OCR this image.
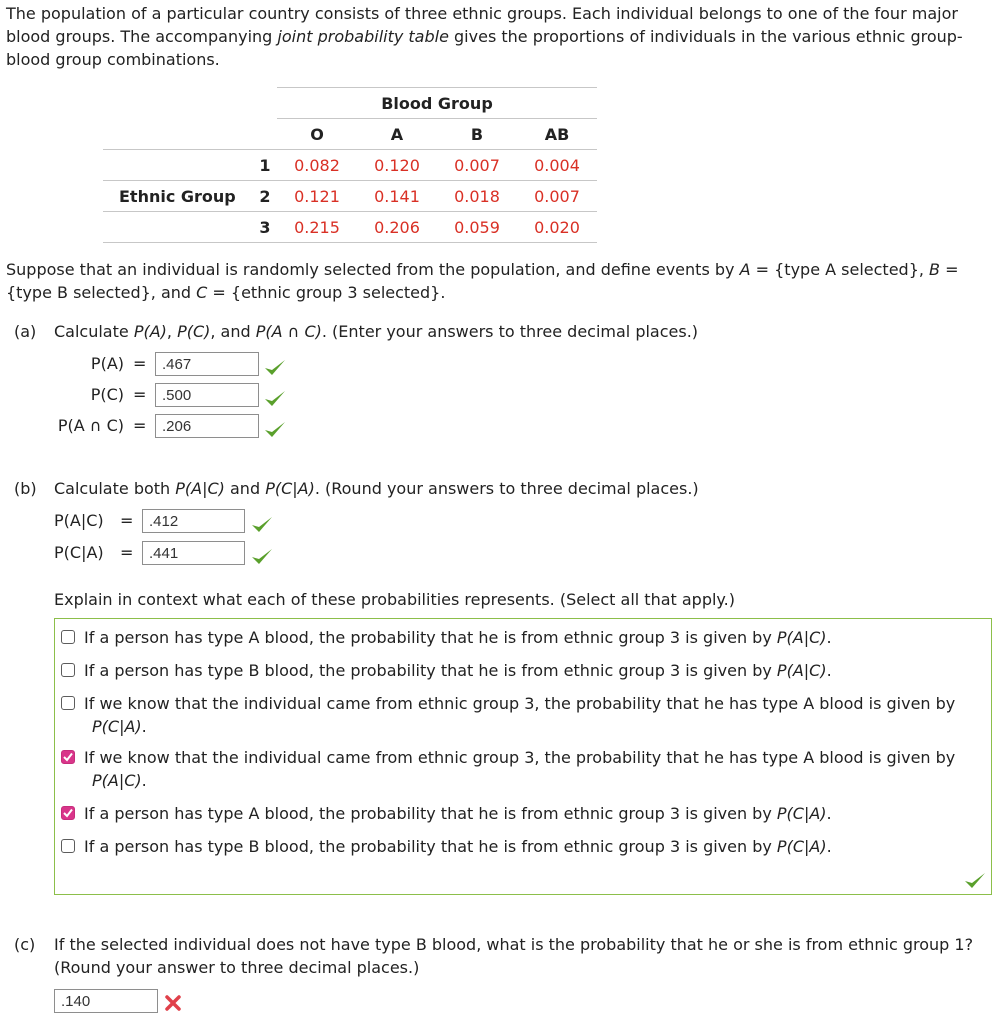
The population of a particular country consists of three ethnic groups. Each individual belongs to one of the four major blood groups. The accompanying joint probability table gives the proportions of individuals in the various ethnic group-blood group combinations.
		Blood Group			
		O	A	B	AB
	1	0.082	0.120	0.007	0.004
Ethnic Group	2	0.121	0.141	0.018	0.007
	3	0.215	0.206	0.059	0.020
Suppose that an individual is randomly selected from the population, and define events by A = {type A selected}, B =
{type B selected}, and C = {ethnic group 3 selected}.
(a) Calculate P(A), P(C), and P(A ∩ C). (Enter your answers to three decimal places.)
P(A) =	.467
P(C) =	.500
P(A ∩ C) =	.206
(b) Calculate both P(A|C) and P(C|A). (Round your answers to three decimal places.)
P(A|C) =	.412
P(C|A) =	.441
Explain in context what each of these probabilities represents. (Select all that apply.)
If a person has type A blood, the probability that he is from ethnic group 3 is given by P(A|C).
If a person has type B blood, the probability that he is from ethnic group 3 is given by P(A|C).
If we know that the individual came from ethnic group 3, the probability that he has type A blood is given by
P(C|A).
If we know that the individual came from ethnic group 3, the probability that he has type A blood is given by
P(A|C).
If a person has type A blood, the probability that he is from ethnic group 3 is given by P(C|A).
If a person has type B blood, the probability that he is from ethnic group 3 is given by P(C|A).
(c) If the selected individual does not have type B blood, what is the probability that he or she is from ethnic group 1?
(Round your answer to three decimal places.)
.140
